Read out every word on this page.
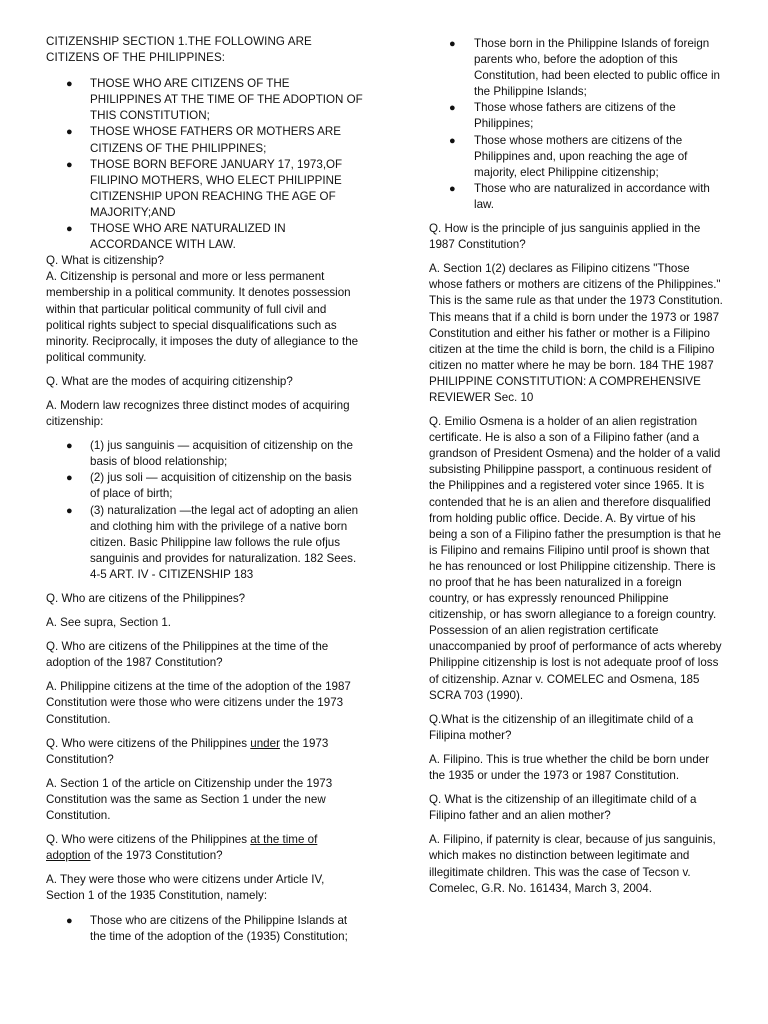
CITIZENSHIP SECTION 1.THE FOLLOWING ARE CITIZENS OF THE PHILIPPINES:

● THOSE WHO ARE CITIZENS OF THE PHILIPPINES AT THE TIME OF THE ADOPTION OF THIS CONSTITUTION;
● THOSE WHOSE FATHERS OR MOTHERS ARE CITIZENS OF THE PHILIPPINES;
● THOSE BORN BEFORE JANUARY 17, 1973,OF FILIPINO MOTHERS, WHO ELECT PHILIPPINE CITIZENSHIP UPON REACHING THE AGE OF MAJORITY;AND
● THOSE WHO ARE NATURALIZED IN ACCORDANCE WITH LAW.

Q. What is citizenship?

A. Citizenship is personal and more or less permanent membership in a political community. It denotes possession within that particular political community of full civil and political rights subject to special disqualifications such as minority. Reciprocally, it imposes the duty of allegiance to the political community.

Q. What are the modes of acquiring citizenship?

A. Modern law recognizes three distinct modes of acquiring citizenship:

● (1) jus sanguinis — acquisition of citizenship on the basis of blood relationship;
● (2) jus soli — acquisition of citizenship on the basis of place of birth;
● (3) naturalization —the legal act of adopting an alien and clothing him with the privilege of a native born citizen. Basic Philippine law follows the rule ofjus sanguinis and provides for naturalization. 182 Sees. 4-5 ART. IV - CITIZENSHIP 183

Q. Who are citizens of the Philippines?

A. See supra, Section 1.

Q. Who are citizens of the Philippines at the time of the adoption of the 1987 Constitution?

A. Philippine citizens at the time of the adoption of the 1987 Constitution were those who were citizens under the 1973 Constitution.

Q. Who were citizens of the Philippines under the 1973 Constitution?

A. Section 1 of the article on Citizenship under the 1973 Constitution was the same as Section 1 under the new Constitution.

Q. Who were citizens of the Philippines at the time of adoption of the 1973 Constitution?

A. They were those who were citizens under Article IV, Section 1 of the 1935 Constitution, namely:

● Those who are citizens of the Philippine Islands at the time of the adoption of the (1935) Constitution;
● Those born in the Philippine Islands of foreign parents who, before the adoption of this Constitution, had been elected to public office in the Philippine Islands;
● Those whose fathers are citizens of the Philippines;
● Those whose mothers are citizens of the Philippines and, upon reaching the age of majority, elect Philippine citizenship;
● Those who are naturalized in accordance with law.

Q. How is the principle of jus sanguinis applied in the 1987 Constitution?

A. Section 1(2) declares as Filipino citizens "Those whose fathers or mothers are citizens of the Philippines." This is the same rule as that under the 1973 Constitution. This means that if a child is born under the 1973 or 1987 Constitution and either his father or mother is a Filipino citizen at the time the child is born, the child is a Filipino citizen no matter where he may be born. 184 THE 1987 PHILIPPINE CONSTITUTION: A COMPREHENSIVE REVIEWER Sec. 10

Q. Emilio Osmena is a holder of an alien registration certificate. He is also a son of a Filipino father (and a grandson of President Osmena) and the holder of a valid subsisting Philippine passport, a continuous resident of the Philippines and a registered voter since 1965. It is contended that he is an alien and therefore disqualified from holding public office. Decide. A. By virtue of his being a son of a Filipino father the presumption is that he is Filipino and remains Filipino until proof is shown that he has renounced or lost Philippine citizenship. There is no proof that he has been naturalized in a foreign country, or has expressly renounced Philippine citizenship, or has sworn allegiance to a foreign country. Possession of an alien registration certificate unaccompanied by proof of performance of acts whereby Philippine citizenship is lost is not adequate proof of loss of citizenship. Aznar v. COMELEC and Osmena, 185 SCRA 703 (1990).

Q.What is the citizenship of an illegitimate child of a Filipina mother?

A. Filipino. This is true whether the child be born under the 1935 or under the 1973 or 1987 Constitution.

Q. What is the citizenship of an illegitimate child of a Filipino father and an alien mother?

A. Filipino, if paternity is clear, because of jus sanguinis, which makes no distinction between legitimate and illegitimate children. This was the case of Tecson v. Comelec, G.R. No. 161434, March 3, 2004.
